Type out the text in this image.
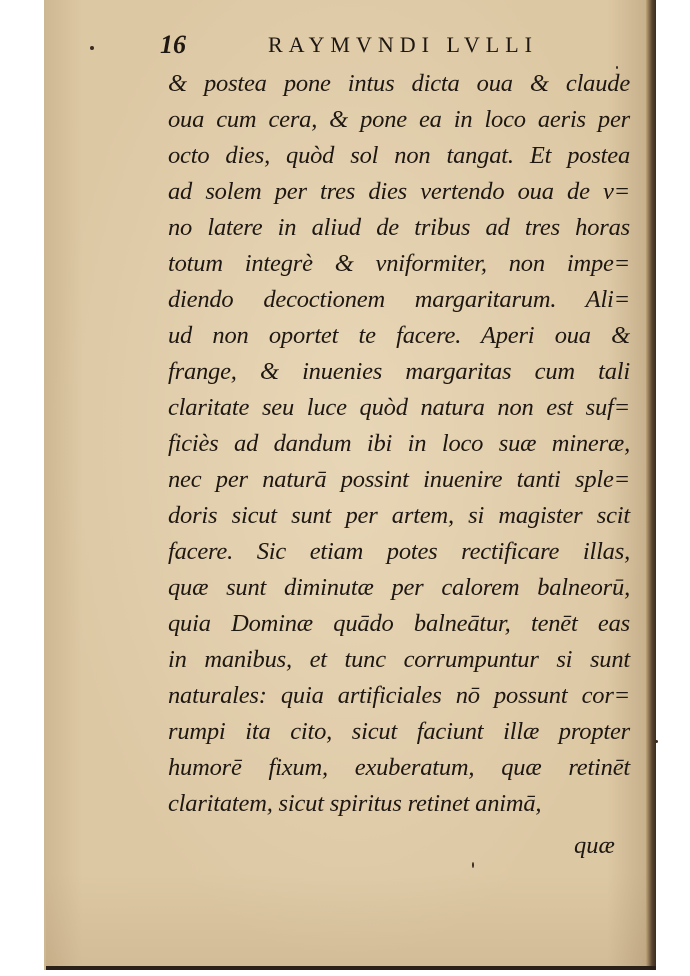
16	RAYMVNDI LVLLI
& postea pone intus dicta oua & claude
oua cum cera, & pone ea in loco aeris per
octo dies, quòd sol non tangat. Et postea
ad solem per tres dies vertendo oua de v=
no latere in aliud de tribus ad tres horas
totum integrè & vniformiter, non impe=
diendo decoctionem margaritarum. Ali=
ud non oportet te facere. Aperi oua &
frange, & inuenies margaritas cum tali
claritate seu luce quòd natura non est suf=
ficiès ad dandum ibi in loco suæ mineræ,
nec per naturā possint inuenire tanti sple=
doris sicut sunt per artem, si magister scit
facere. Sic etiam potes rectificare illas,
quæ sunt diminutæ per calorem balneorū,
quia Dominæ quādo balneātur, tenēt eas
in manibus, et tunc corrumpuntur si sunt
naturales: quia artificiales nō possunt cor=
rumpi ita cito, sicut faciunt illæ propter
humorē fixum, exuberatum, quæ retinēt
claritatem, sicut spiritus retinet animā,
quæ
